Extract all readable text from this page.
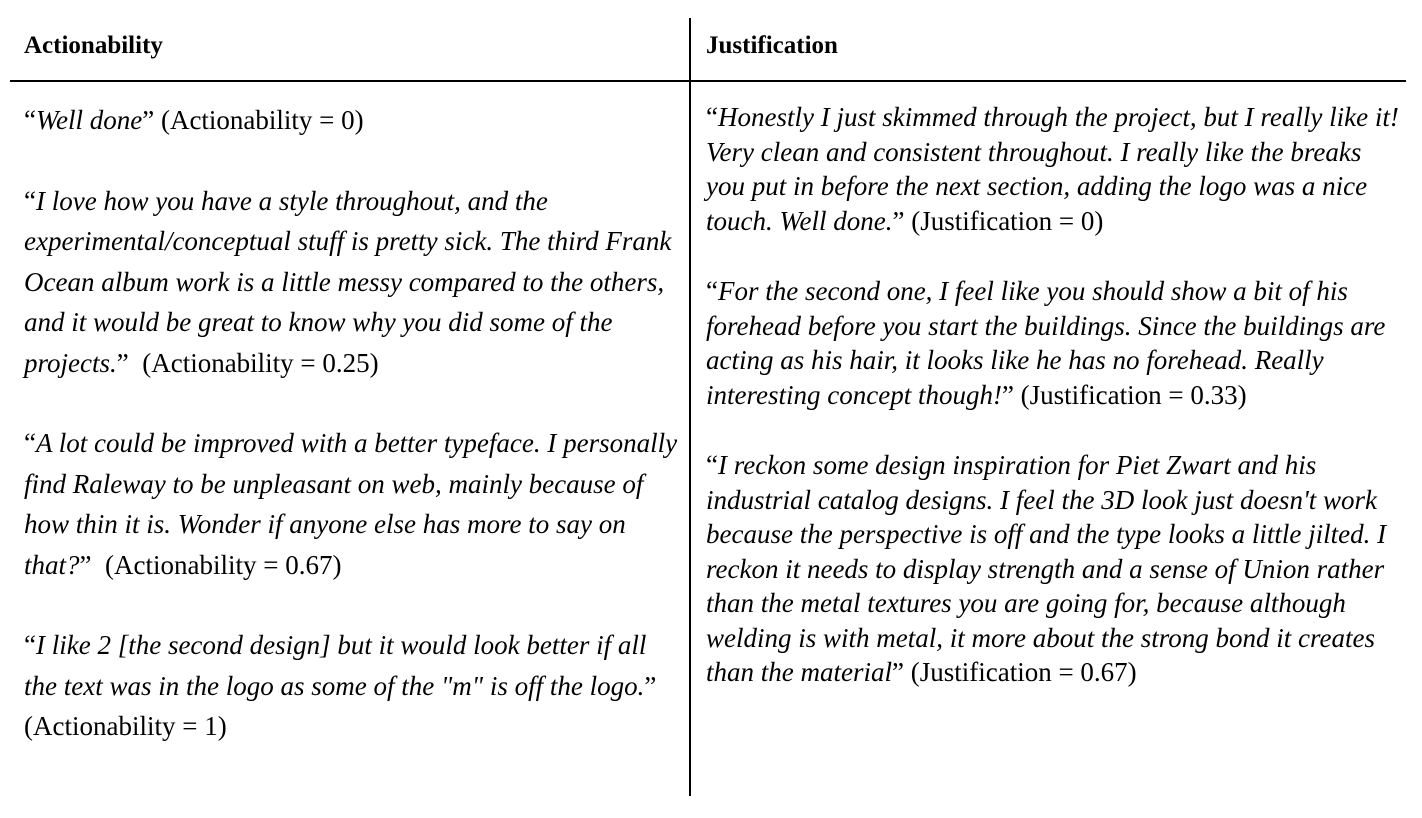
Actionability	Justification

“Well done” (Actionability = 0)

“I love how you have a style throughout, and the experimental/conceptual stuff is pretty sick. The third Frank Ocean album work is a little messy compared to the others, and it would be great to know why you did some of the projects.”  (Actionability = 0.25)

“A lot could be improved with a better typeface. I personally find Raleway to be unpleasant on web, mainly because of how thin it is. Wonder if anyone else has more to say on that?”  (Actionability = 0.67)

“I like 2 [the second design] but it would look better if all the text was in the logo as some of the "m" is off the logo.”  (Actionability = 1)

“Honestly I just skimmed through the project, but I really like it! Very clean and consistent throughout. I really like the breaks you put in before the next section, adding the logo was a nice touch. Well done.” (Justification = 0)

“For the second one, I feel like you should show a bit of his forehead before you start the buildings. Since the buildings are acting as his hair, it looks like he has no forehead. Really interesting concept though!” (Justification = 0.33)

“I reckon some design inspiration for Piet Zwart and his industrial catalog designs. I feel the 3D look just doesn't work because the perspective is off and the type looks a little jilted. I reckon it needs to display strength and a sense of Union rather than the metal textures you are going for, because although welding is with metal, it more about the strong bond it creates than the material” (Justification = 0.67)
